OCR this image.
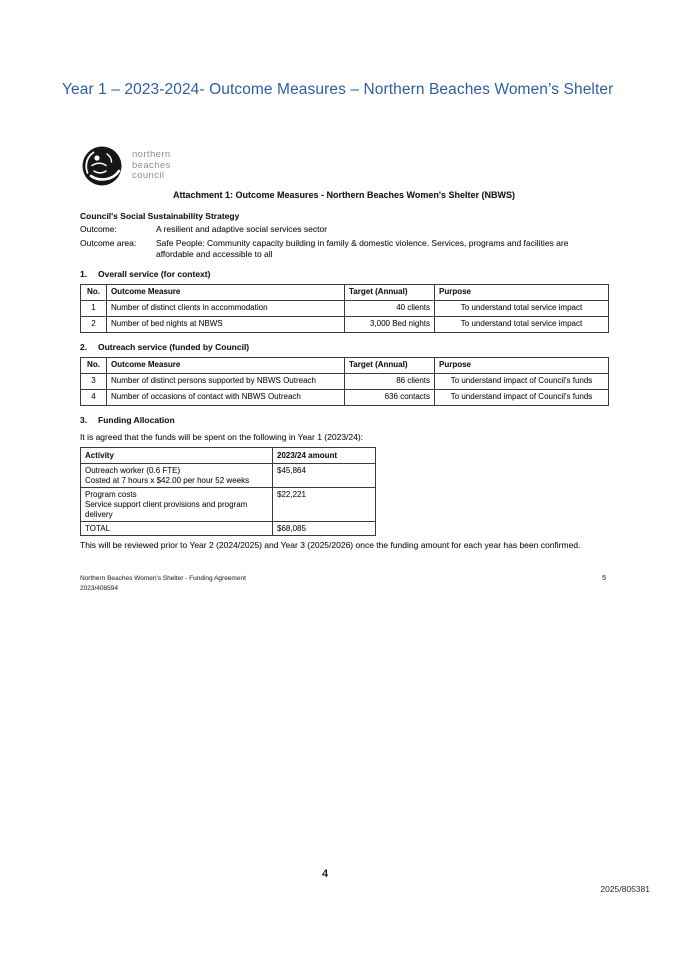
Year 1 – 2023-2024- Outcome Measures – Northern Beaches Women’s Shelter
northern
beaches
council
Attachment 1: Outcome Measures - Northern Beaches Women's Shelter (NBWS)
Council's Social Sustainability Strategy
Outcome:	A resilient and adaptive social services sector
Outcome area:	Safe People: Community capacity building in family & domestic violence. Services, programs and facilities are affordable and accessible to all
1.	Overall service (for context)
No.	Outcome Measure	Target (Annual)	Purpose
1	Number of distinct clients in accommodation	40 clients	To understand total service impact
2	Number of bed nights at NBWS	3,000 Bed nights	To understand total service impact
2.	Outreach service (funded by Council)
No.	Outcome Measure	Target (Annual)	Purpose
3	Number of distinct persons supported by NBWS Outreach	86 clients	To understand impact of Council's funds
4	Number of occasions of contact with NBWS Outreach	636 contacts	To understand impact of Council's funds
3.	Funding Allocation
It is agreed that the funds will be spent on the following in Year 1 (2023/24):
Activity	2023/24 amount

Outreach worker (0.6 FTE)
Costed at 7 hours x $42.00 per hour 52 weeks	$45,864

Program costs
Service support client provisions and program delivery	$22,221
TOTAL	$68,085
This will be reviewed prior to Year 2 (2024/2025) and Year 3 (2025/2026) once the funding amount for each year has been confirmed.
Northern Beaches Women's Shelter - Funding Agreement
2023/408594
5
4
2025/805381
